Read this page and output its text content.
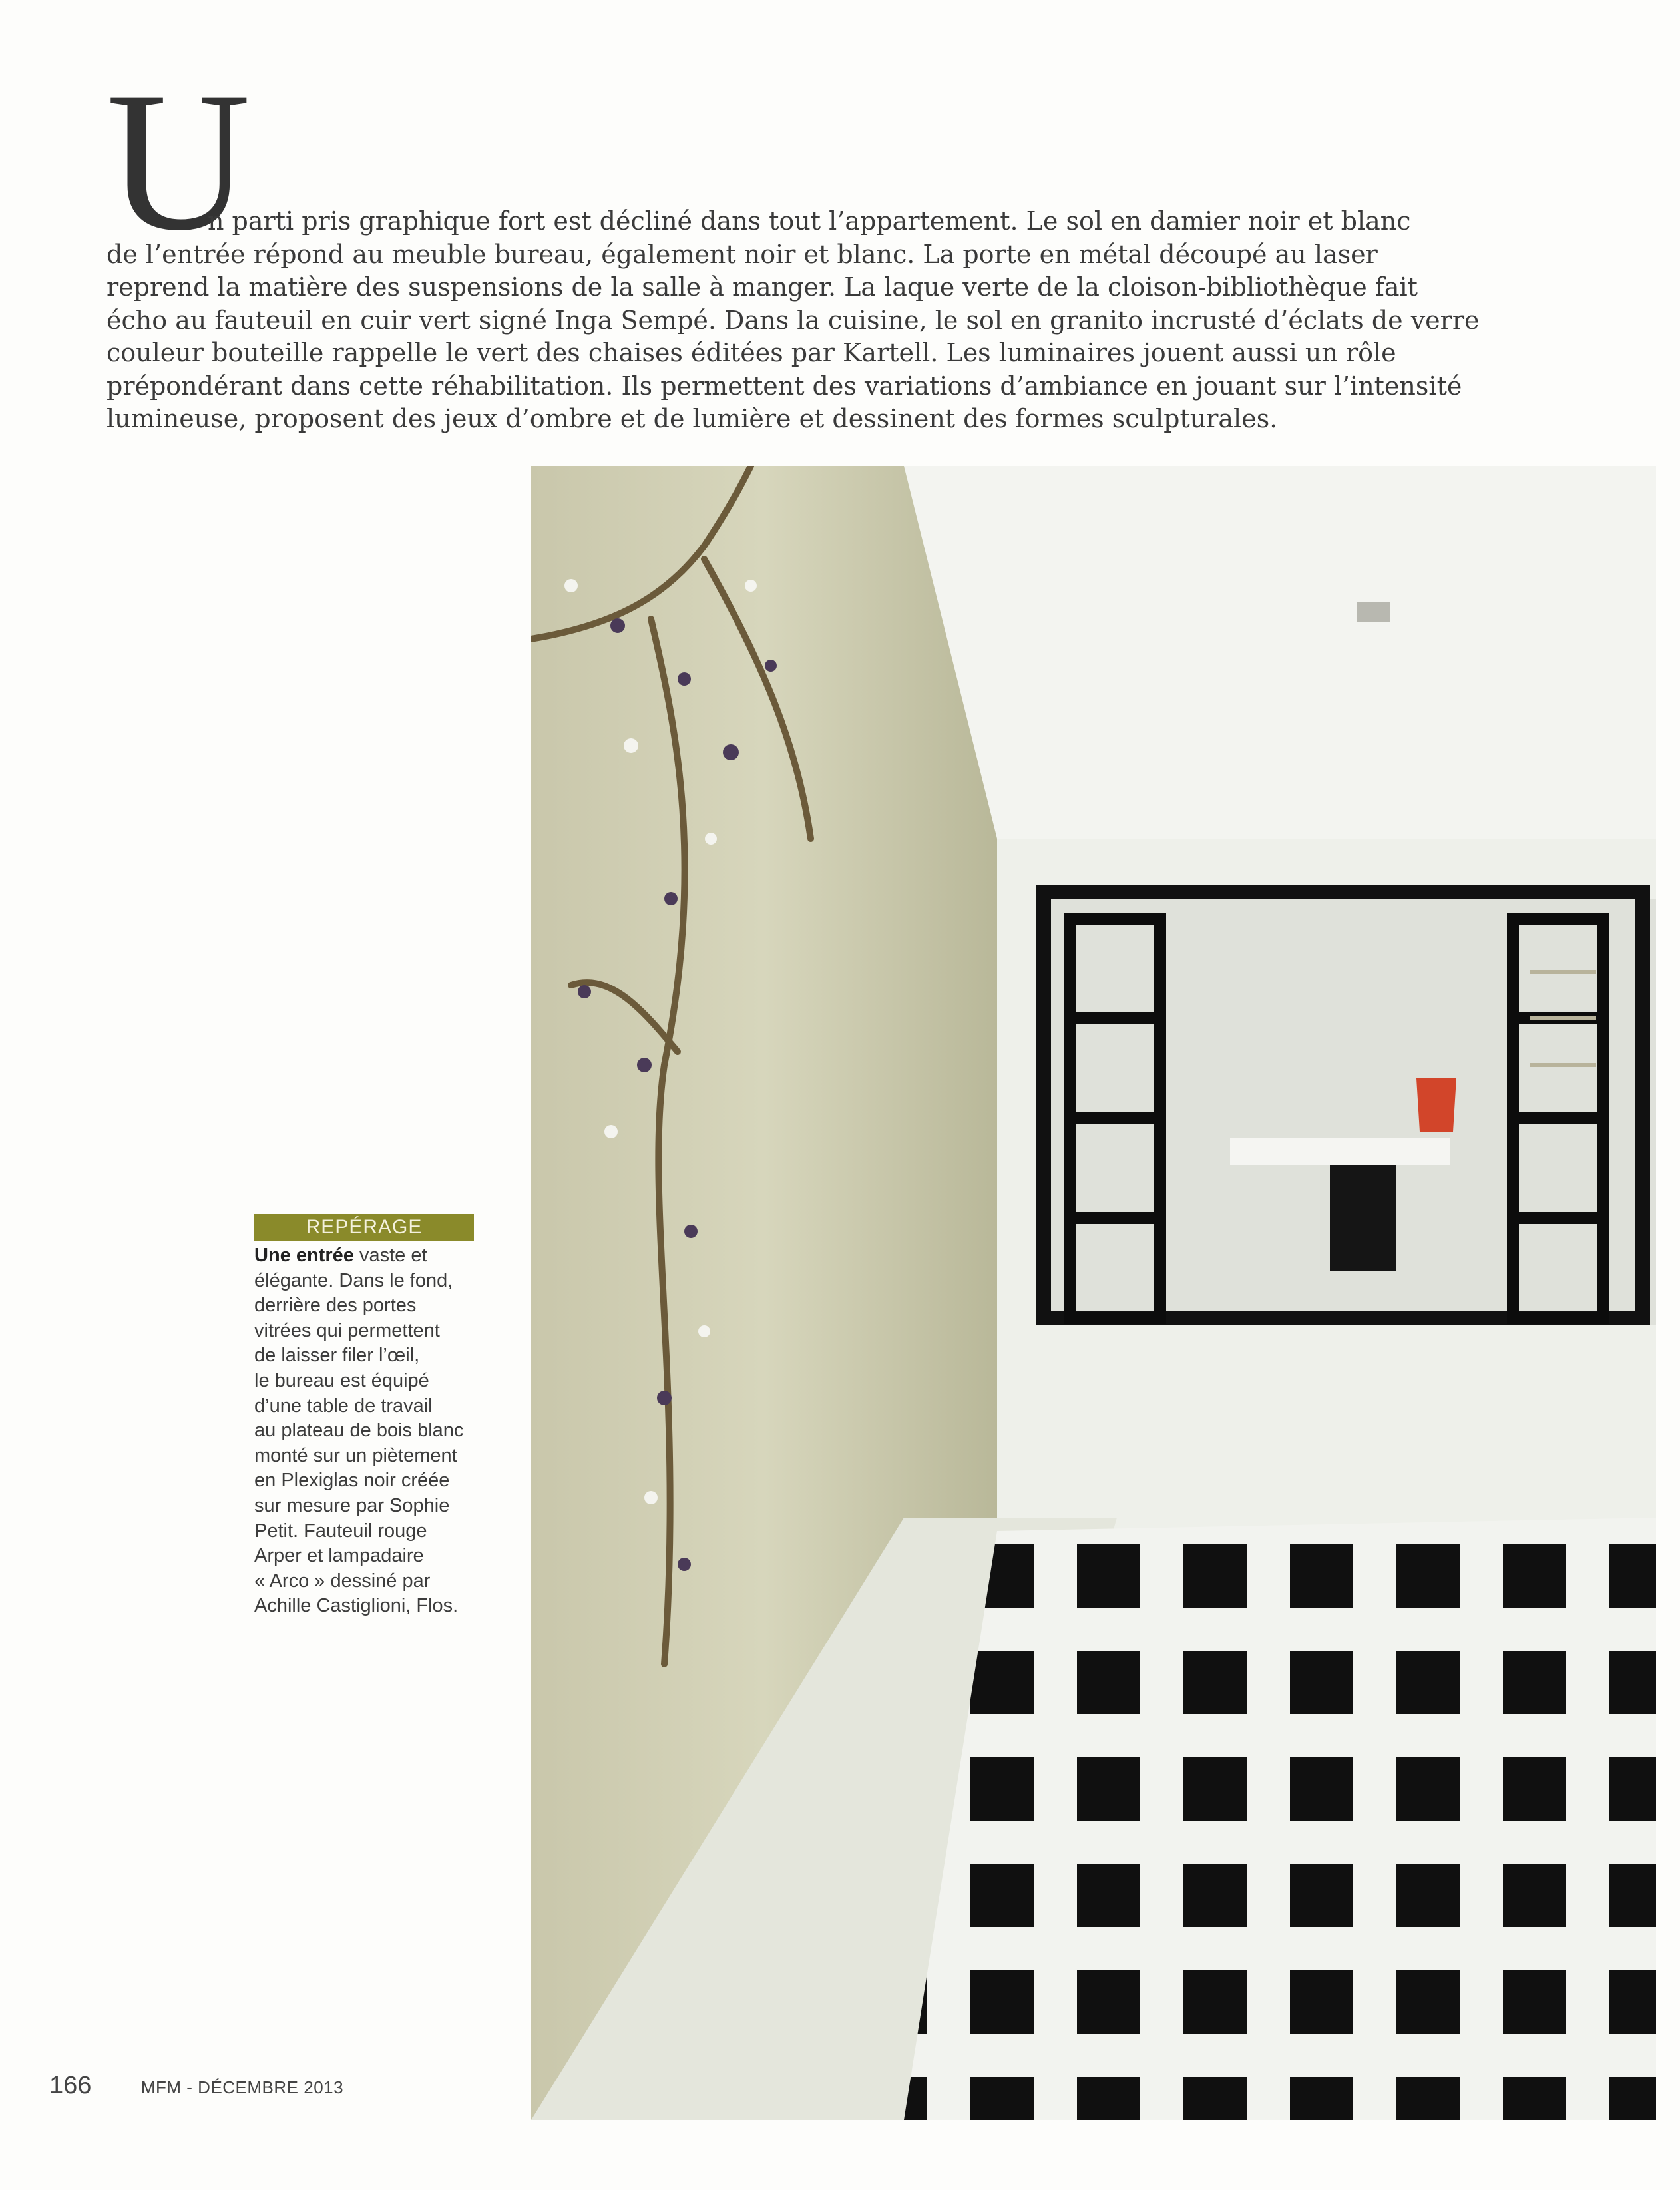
U
n parti pris graphique fort est décliné dans tout l’appartement. Le sol en damier noir et blanc
de l’entrée répond au meuble bureau, également noir et blanc. La porte en métal découpé au laser
reprend la matière des suspensions de la salle à manger. La laque verte de la cloison-bibliothèque fait
écho au fauteuil en cuir vert signé Inga Sempé. Dans la cuisine, le sol en granito incrusté d’éclats de verre
couleur bouteille rappelle le vert des chaises éditées par Kartell. Les luminaires jouent aussi un rôle
prépondérant dans cette réhabilitation. Ils permettent des variations d’ambiance en jouant sur l’intensité
lumineuse, proposent des jeux d’ombre et de lumière et dessinent des formes sculpturales.
REPÉRAGE
Une entrée vaste et
élégante. Dans le fond,
derrière des portes
vitrées qui permettent
de laisser filer l’œil,
le bureau est équipé
d’une table de travail
au plateau de bois blanc
monté sur un piètement
en Plexiglas noir créée
sur mesure par Sophie
Petit. Fauteuil rouge
Arper et lampadaire
« Arco » dessiné par
Achille Castiglioni, Flos.
166	MFM - DÉCEMBRE 2013
